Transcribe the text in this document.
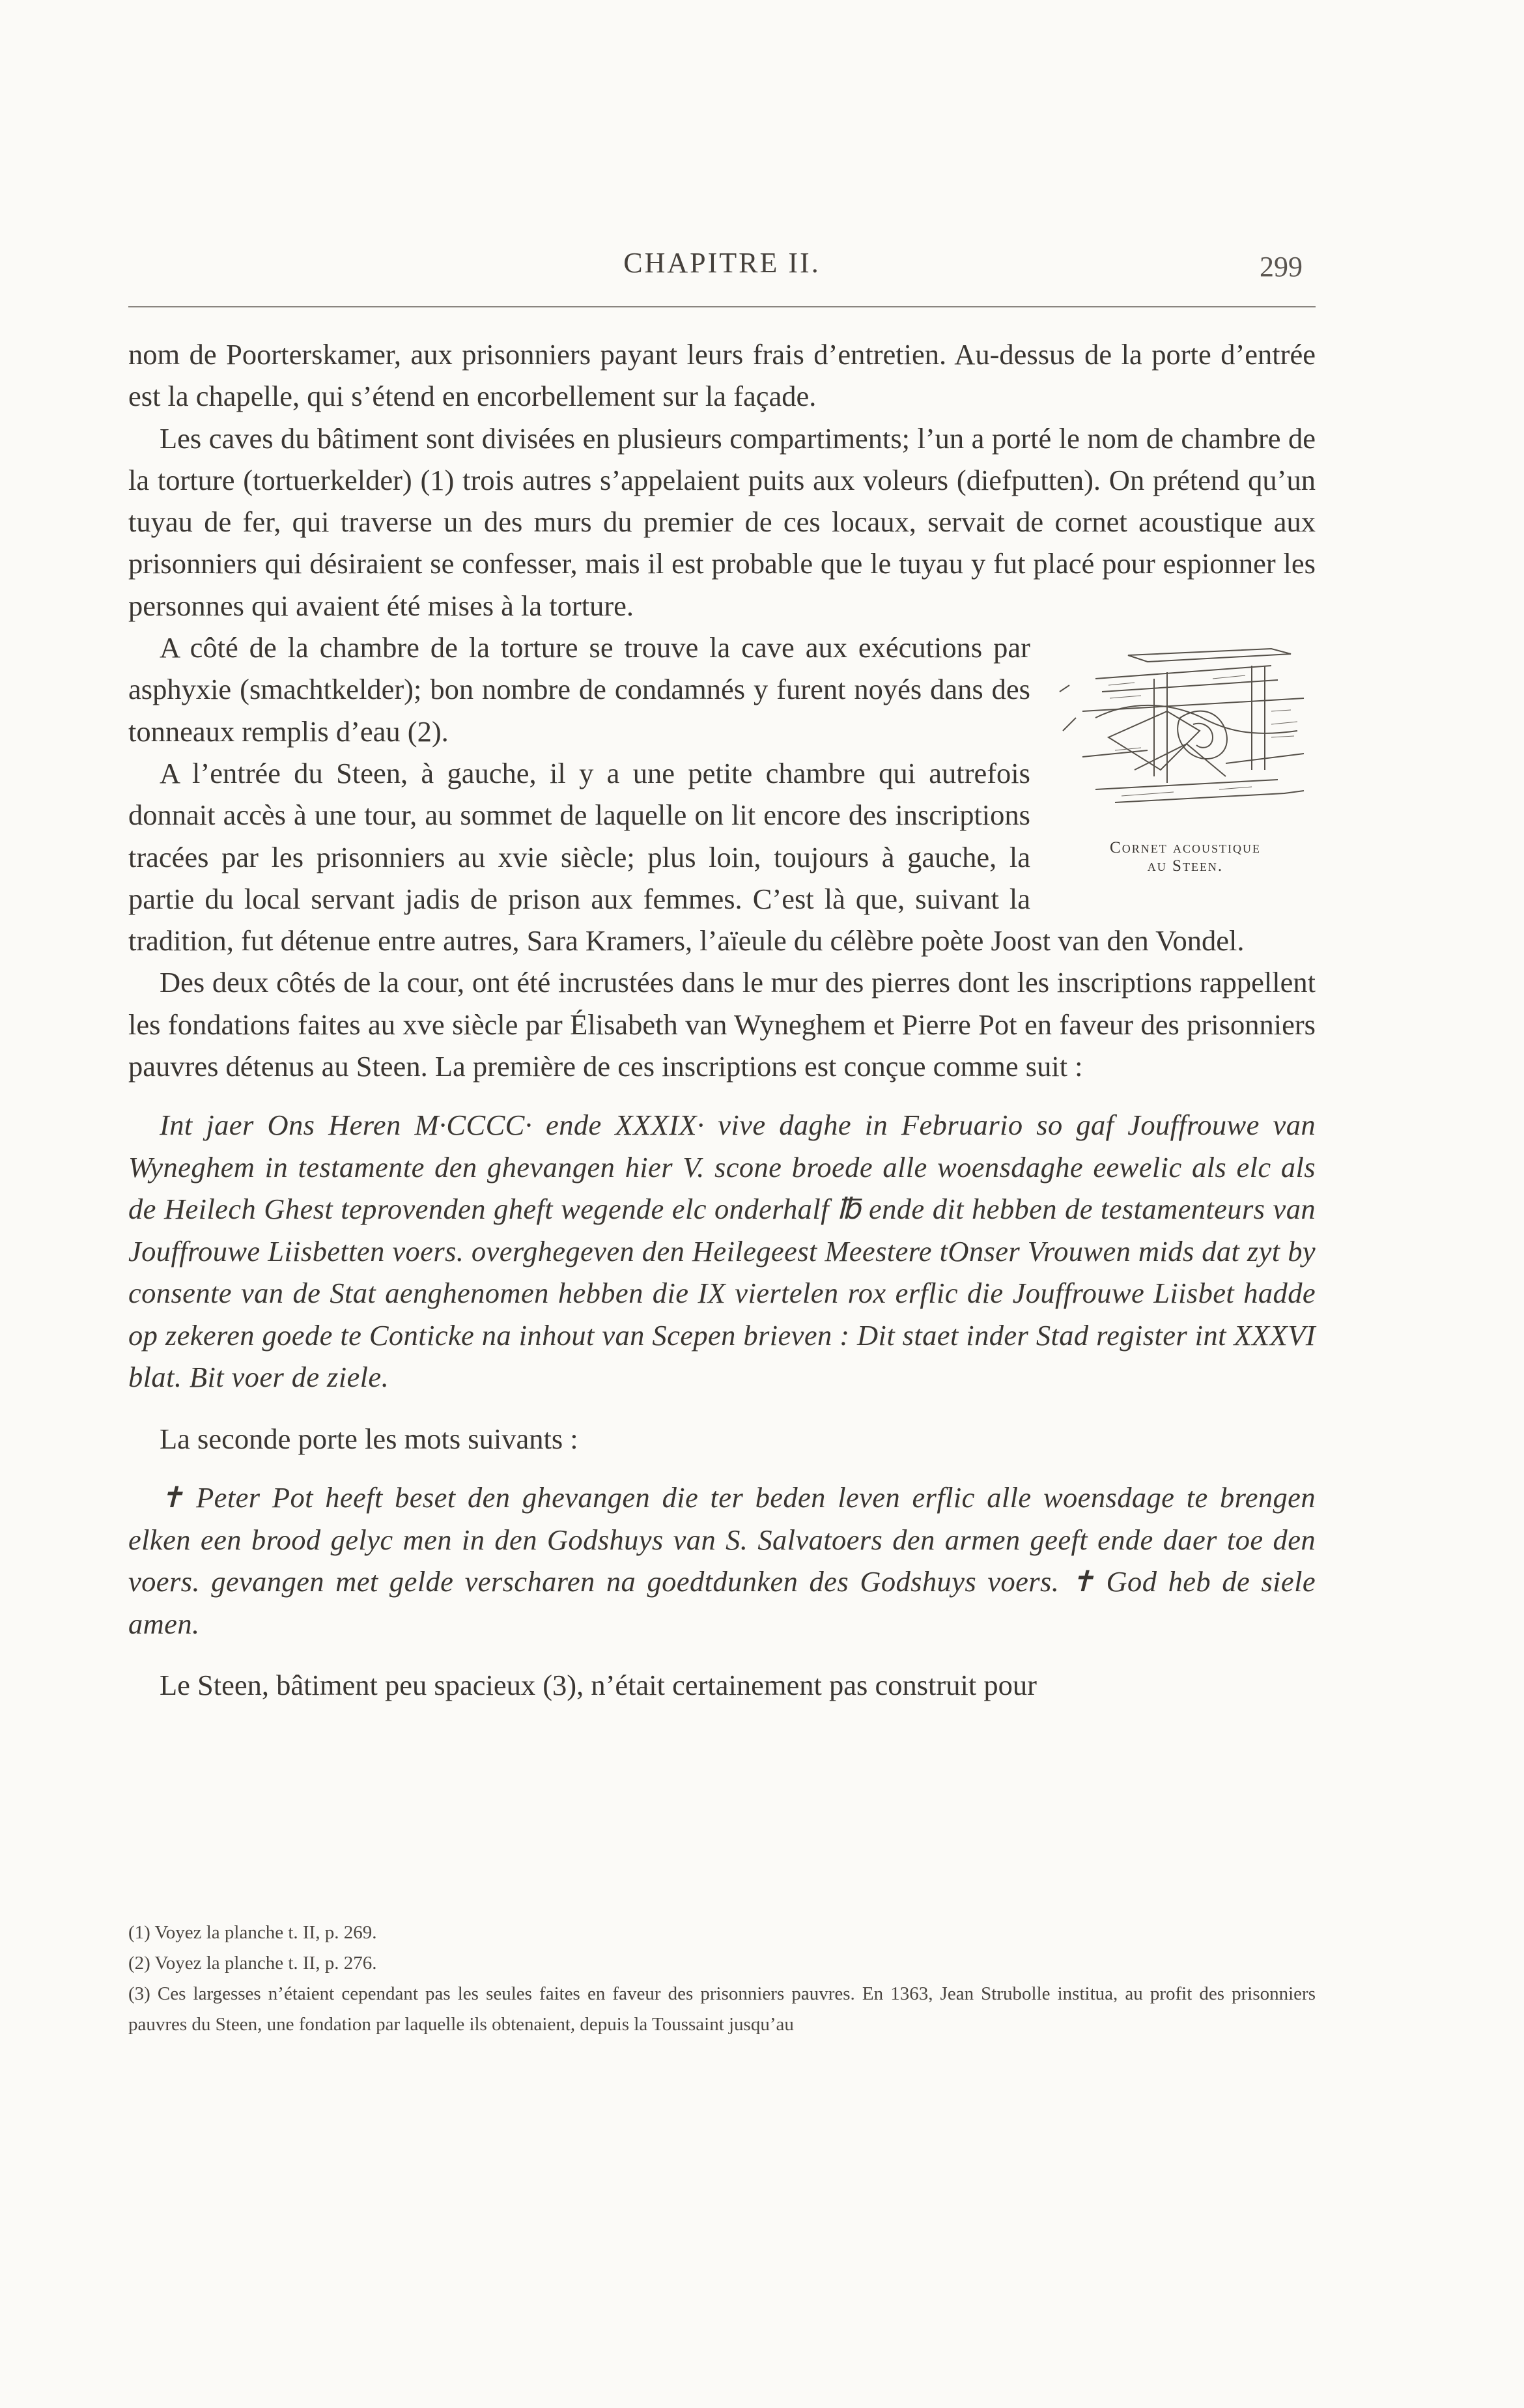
CHAPITRE II.	299

nom de Poorterskamer, aux prisonniers payant leurs frais d’entretien. Au-dessus de la porte d’entrée est la chapelle, qui s’étend en encorbellement sur la façade.

Les caves du bâtiment sont divisées en plusieurs compartiments; l’un a porté le nom de chambre de la torture (tortuerkelder) (1) trois autres s’appelaient puits aux voleurs (diefputten). On prétend qu’un tuyau de fer, qui traverse un des murs du premier de ces locaux, servait de cornet acoustique aux prisonniers qui désiraient se confesser, mais il est probable que le tuyau y fut placé pour espionner les personnes qui avaient été mises à la torture.

Cornet acoustique
au Steen.

A côté de la chambre de la torture se trouve la cave aux exécutions par asphyxie (smachtkelder); bon nombre de condamnés y furent noyés dans des tonneaux remplis d’eau (2).

A l’entrée du Steen, à gauche, il y a une petite chambre qui autrefois donnait accès à une tour, au sommet de laquelle on lit encore des inscriptions tracées par les prisonniers au xvie siècle; plus loin, toujours à gauche, la partie du local servant jadis de prison aux femmes. C’est là que, suivant la tradition, fut détenue entre autres, Sara Kramers, l’aïeule du célèbre poète Joost van den Vondel.

Des deux côtés de la cour, ont été incrustées dans le mur des pierres dont les inscriptions rappellent les fondations faites au xve siècle par Élisabeth van Wyneghem et Pierre Pot en faveur des prisonniers pauvres détenus au Steen. La première de ces inscriptions est conçue comme suit :

Int jaer Ons Heren M·CCCC· ende XXXIX· vive daghe in Februario so gaf Jouffrouwe van Wyneghem in testamente den ghevangen hier V. scone broede alle woensdaghe eewelic als elc als de Heilech Ghest teprovenden gheft wegende elc onderhalf ℔ ende dit hebben de testamenteurs van Jouffrouwe Liisbetten voers. overghegeven den Heilegeest Meestere tOnser Vrouwen mids dat zyt by consente van de Stat aenghenomen hebben die IX viertelen rox erflic die Jouffrouwe Liisbet hadde op zekeren goede te Conticke na inhout van Scepen brieven : Dit staet inder Stad register int XXXVI blat. Bit voer de ziele.

La seconde porte les mots suivants :

✝ Peter Pot heeft beset den ghevangen die ter beden leven erflic alle woensdage te brengen elken een brood gelyc men in den Godshuys van S. Salvatoers den armen geeft ende daer toe den voers. gevangen met gelde verscharen na goedtdunken des Godshuys voers. ✝ God heb de siele amen.

Le Steen, bâtiment peu spacieux (3), n’était certainement pas construit pour

(1) Voyez la planche t. II, p. 269.

(2) Voyez la planche t. II, p. 276.

(3) Ces largesses n’étaient cependant pas les seules faites en faveur des prisonniers pauvres. En 1363, Jean Strubolle institua, au profit des prisonniers pauvres du Steen, une fondation par laquelle ils obtenaient, depuis la Toussaint jusqu’au
